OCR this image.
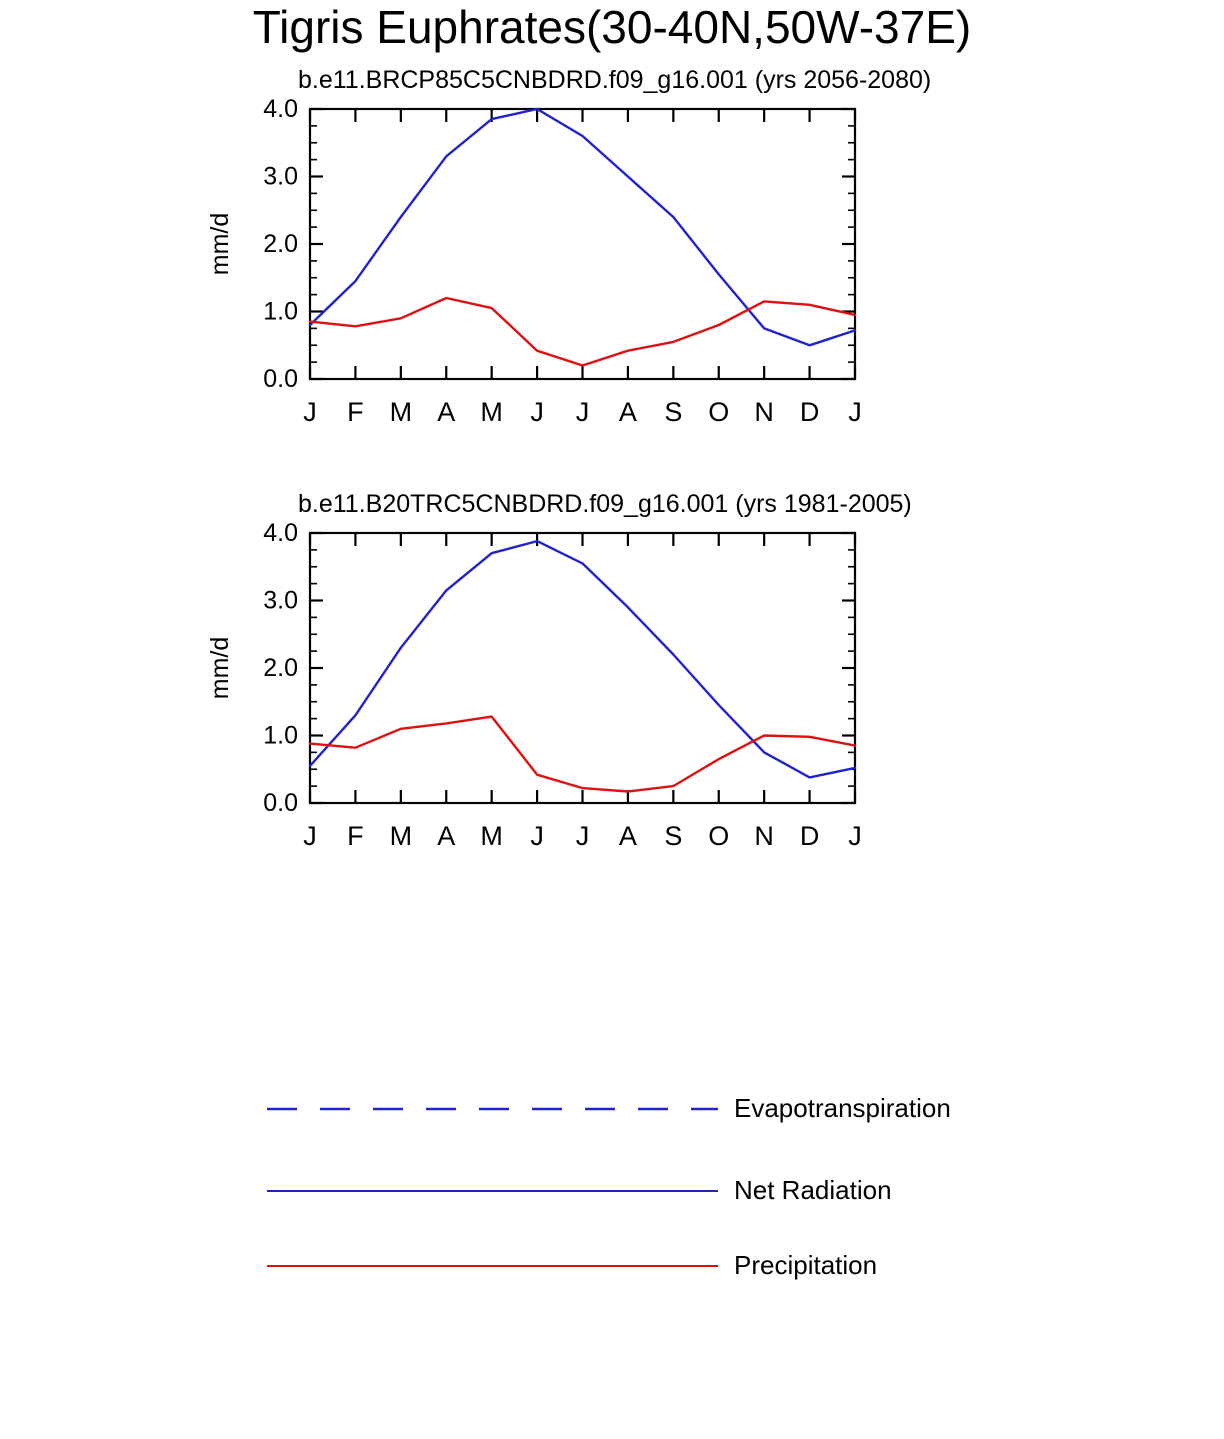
Tigris Euphrates(30-40N,50W-37E)
b.e11.BRCP85C5CNBDRD.f09_g16.001 (yrs 2056-2080)
0.0
1.0
2.0
3.0
4.0
J F M A M J J A S O N D J
mm/d
b.e11.B20TRC5CNBDRD.f09_g16.001 (yrs 1981-2005)
0.0
1.0
2.0
3.0
4.0
J F M A M J J A S O N D J
mm/d
Evapotranspiration
Net Radiation
Precipitation
